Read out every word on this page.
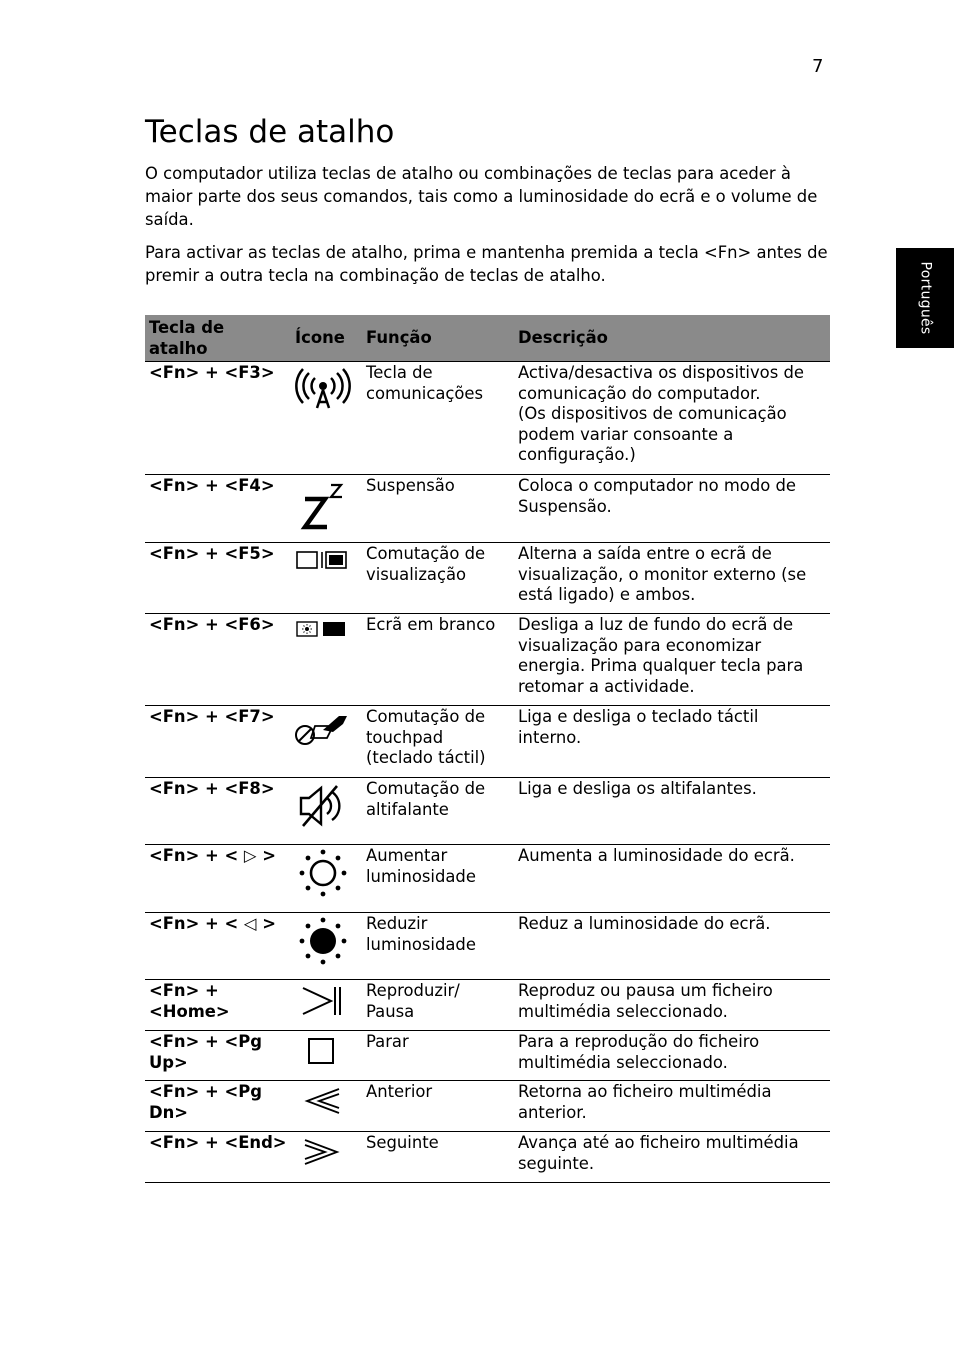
7
Português
Teclas de atalho

O computador utiliza teclas de atalho ou combinações de teclas para aceder à maior parte dos seus comandos, tais como a luminosidade do ecrã e o volume de saída.

Para activar as teclas de atalho, prima e mantenha premida a tecla <Fn> antes de premir a outra tecla na combinação de teclas de atalho.

Tecla de atalho	Ícone	Função	Descrição
<Fn> + <F3>		Tecla de comunicações	Activa/desactiva os dispositivos de comunicação do computador.
(Os dispositivos de comunicação podem variar consoante a configuração.)
<Fn> + <F4>		Suspensão	Coloca o computador no modo de Suspensão.
<Fn> + <F5>		Comutação de visualização	Alterna a saída entre o ecrã de visualização, o monitor externo (se está ligado) e ambos.
<Fn> + <F6>		Ecrã em branco	Desliga a luz de fundo do ecrã de visualização para economizar energia. Prima qualquer tecla para retomar a actividade.
<Fn> + <F7>		Comutação de touchpad (teclado táctil)	Liga e desliga o teclado táctil interno.
<Fn> + <F8>		Comutação de altifalante	Liga e desliga os altifalantes.
<Fn> + < ▷ >		Aumentar luminosidade	Aumenta a luminosidade do ecrã.
<Fn> + < ◁ >		Reduzir luminosidade	Reduz a luminosidade do ecrã.
<Fn> + <Home>		Reproduzir/ Pausa	Reproduz ou pausa um ficheiro multimédia seleccionado.
<Fn> + <Pg Up>		Parar	Para a reprodução do ficheiro multimédia seleccionado.
<Fn> + <Pg Dn>		Anterior	Retorna ao ficheiro multimédia anterior.
<Fn> + <End>		Seguinte	Avança até ao ficheiro multimédia seguinte.
